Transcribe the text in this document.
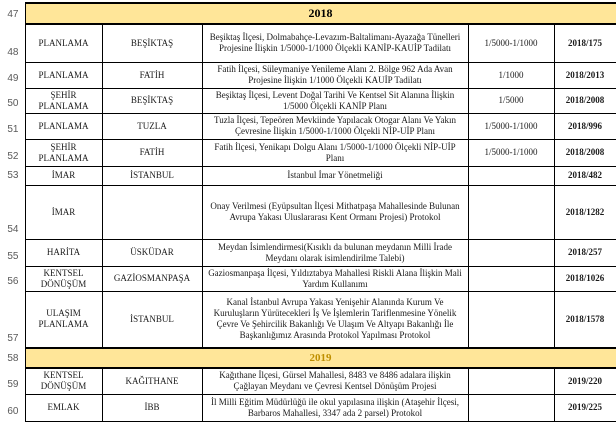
47	2018				
48	PLANLAMA	BEŞİKTAŞ	Beşiktaş İlçesi, Dolmabahçe-Levazım-Baltalimanı-Ayazağa Tünelleri Projesine İlişkin 1/5000-1/1000 Ölçekli KANİP-KAUİP Tadilatı	1/5000-1/1000	2018/175
49	PLANLAMA	FATİH	Fatih İlçesi, Süleymaniye Yenileme Alanı 2. Bölge 962 Ada Avan Projesine İlişkin 1/1000 Ölçekli KAUİP Tadilatı	1/1000	2018/2013
50	ŞEHİR PLANLAMA	BEŞİKTAŞ	Beşiktaş İlçesi, Levent Doğal Tarihi Ve Kentsel Sit Alanına İlişkin 1/5000 Ölçekli KANİP Planı	1/5000	2018/2008
51	PLANLAMA	TUZLA	Tuzla İlçesi, Tepeören Mevkiinde Yapılacak Otogar Alanı Ve Yakın Çevresine İlişkin 1/5000-1/1000 Ölçekli NİP-UİP Planı	1/5000-1/1000	2018/996
52	ŞEHİR PLANLAMA	FATİH	Fatih İlçesi, Yenikapı Dolgu Alanı 1/5000-1/1000 Ölçekli NİP-UİP Planı	1/5000-1/1000	2018/2008
53	İMAR	İSTANBUL	İstanbul İmar Yönetmeliği		2018/482
54	İMAR		Onay Verilmesi (Eyüpsultan İlçesi Mithatpaşa Mahallesinde Bulunan Avrupa Yakası Uluslararası Kent Ormanı Projesi) Protokol		2018/1282
55	HARİTA	ÜSKÜDAR	Meydan İsimlendirmesi(Kısıklı da bulunan meydanın Milli İrade Meydanı olarak isimlendirilme Talebi)		2018/257
56	KENTSEL DÖNÜŞÜM	GAZİOSMANPAŞA	Gaziosmanpaşa İlçesi, Yıldıztabya Mahallesi Riskli Alana İlişkin Mali Yardım Kullanımı		2018/1026
57	ULAŞIM PLANLAMA	İSTANBUL	Kanal İstanbul Avrupa Yakası Yenişehir Alanında Kurum Ve Kuruluşların Yürütecekleri İş Ve İşlemlerin Tariflenmesine Yönelik Çevre Ve Şehircilik Bakanlığı Ve Ulaşım Ve Altyapı Bakanlığı İle Başkanlığımız Arasında Protokol Yapılması Protokol		2018/1578
58	2019				
59	KENTSEL DÖNÜŞÜM	KAĞITHANE	Kağıthane İlçesi, Gürsel Mahallesi, 8483 ve 8486 adalara ilişkin Çağlayan Meydanı ve Çevresi Kentsel Dönüşüm Projesi		2019/220
60	EMLAK	İBB	İl Milli Eğitim Müdürlüğü ile okul yapılasına ilişkin (Ataşehir İlçesi, Barbaros Mahallesi, 3347 ada 2 parsel) Protokol		2019/225
